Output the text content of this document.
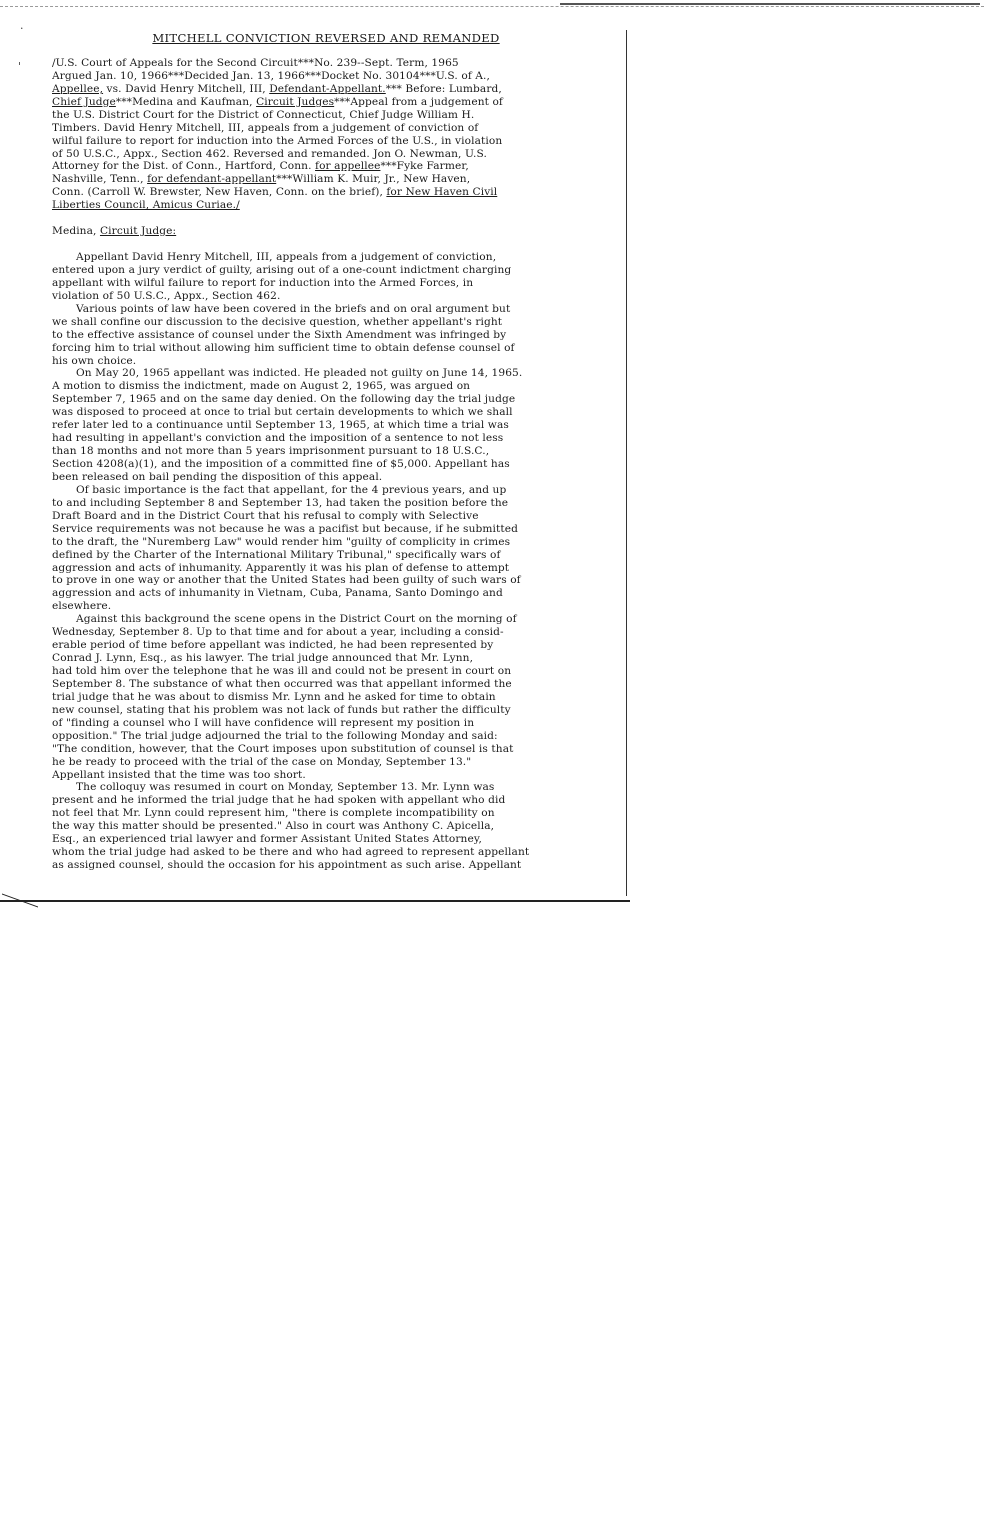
·
'
MITCHELL CONVICTION REVERSED AND REMANDED
/U.S. Court of Appeals for the Second Circuit***No. 239--Sept. Term, 1965
Argued Jan. 10, 1966***Decided Jan. 13, 1966***Docket No. 30104***U.S. of A.,
Appellee, vs. David Henry Mitchell, III, Defendant-Appellant.*** Before: Lumbard,
Chief Judge***Medina and Kaufman, Circuit Judges***Appeal from a judgement of
the U.S. District Court for the District of Connecticut, Chief Judge William H.
Timbers. David Henry Mitchell, III, appeals from a judgement of conviction of
wilful failure to report for induction into the Armed Forces of the U.S., in violation
of 50 U.S.C., Appx., Section 462. Reversed and remanded. Jon O. Newman, U.S.
Attorney for the Dist. of Conn., Hartford, Conn. for appellee***Fyke Farmer,
Nashville, Tenn., for defendant-appellant***William K. Muir, Jr., New Haven,
Conn. (Carroll W. Brewster, New Haven, Conn. on the brief), for New Haven Civil
Liberties Council, Amicus Curiae./
Medina, Circuit Judge:
Appellant David Henry Mitchell, III, appeals from a judgement of conviction,
entered upon a jury verdict of guilty, arising out of a one-count indictment charging
appellant with wilful failure to report for induction into the Armed Forces, in
violation of 50 U.S.C., Appx., Section 462.
Various points of law have been covered in the briefs and on oral argument but
we shall confine our discussion to the decisive question, whether appellant's right
to the effective assistance of counsel under the Sixth Amendment was infringed by
forcing him to trial without allowing him sufficient time to obtain defense counsel of
his own choice.
On May 20, 1965 appellant was indicted. He pleaded not guilty on June 14, 1965.
A motion to dismiss the indictment, made on August 2, 1965, was argued on
September 7, 1965 and on the same day denied. On the following day the trial judge
was disposed to proceed at once to trial but certain developments to which we shall
refer later led to a continuance until September 13, 1965, at which time a trial was
had resulting in appellant's conviction and the imposition of a sentence to not less
than 18 months and not more than 5 years imprisonment pursuant to 18 U.S.C.,
Section 4208(a)(1), and the imposition of a committed fine of $5,000. Appellant has
been released on bail pending the disposition of this appeal.
Of basic importance is the fact that appellant, for the 4 previous years, and up
to and including September 8 and September 13, had taken the position before the
Draft Board and in the District Court that his refusal to comply with Selective
Service requirements was not because he was a pacifist but because, if he submitted
to the draft, the "Nuremberg Law" would render him "guilty of complicity in crimes
defined by the Charter of the International Military Tribunal," specifically wars of
aggression and acts of inhumanity. Apparently it was his plan of defense to attempt
to prove in one way or another that the United States had been guilty of such wars of
aggression and acts of inhumanity in Vietnam, Cuba, Panama, Santo Domingo and
elsewhere.
Against this background the scene opens in the District Court on the morning of
Wednesday, September 8. Up to that time and for about a year, including a consid-
erable period of time before appellant was indicted, he had been represented by
Conrad J. Lynn, Esq., as his lawyer. The trial judge announced that Mr. Lynn,
had told him over the telephone that he was ill and could not be present in court on
September 8. The substance of what then occurred was that appellant informed the
trial judge that he was about to dismiss Mr. Lynn and he asked for time to obtain
new counsel, stating that his problem was not lack of funds but rather the difficulty
of "finding a counsel who I will have confidence will represent my position in
opposition." The trial judge adjourned the trial to the following Monday and said:
"The condition, however, that the Court imposes upon substitution of counsel is that
he be ready to proceed with the trial of the case on Monday, September 13."
Appellant insisted that the time was too short.
The colloquy was resumed in court on Monday, September 13. Mr. Lynn was
present and he informed the trial judge that he had spoken with appellant who did
not feel that Mr. Lynn could represent him, "there is complete incompatibility on
the way this matter should be presented." Also in court was Anthony C. Apicella,
Esq., an experienced trial lawyer and former Assistant United States Attorney,
whom the trial judge had asked to be there and who had agreed to represent appellant
as assigned counsel, should the occasion for his appointment as such arise. Appellant
